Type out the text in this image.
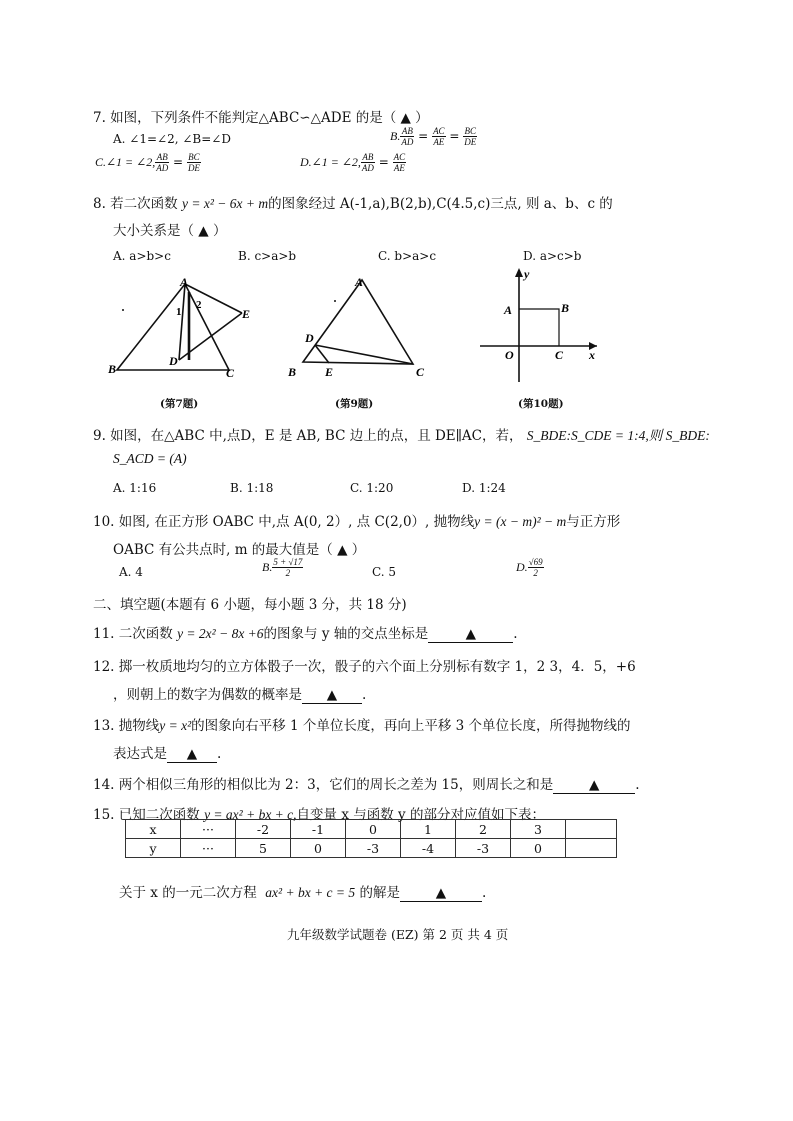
7. 如图，下列条件不能判定△ABC∽△ADE 的是（ ▲ ）
A. ∠1=∠2, ∠B=∠D	B. $\frac{AB}{AD} = \frac{AC}{AE} = \frac{BC}{DE}$
C.∠1 = ∠2, $\frac{AB}{AD} = \frac{BC}{DE}$	D.∠1 = ∠2, $\frac{AB}{AD} = \frac{AC}{AE}$
8. 若二次函数 y = x² − 6x + m的图象经过 A(-1,a),B(2,b),C(4.5,c)三点, 则 a、b、c 的
大小关系是（ ▲ ）
A. a>b>c	B. c>a>b	C. b>a>c	D. a>c>b
A
B	C
D
E
1
2
(第7题)
A
B	C
D
E
(第9题)
y
x
O
A	B
C
(第10题)
9. 如图，在△ABC 中,点D，E 是 AB, BC 边上的点，且 DE∥AC，若， S_BDE:S_CDE = 1:4,则 S_BDE:
S_ACD = (A)
A. 1:16	B. 1:18	C. 1:20	D. 1:24
10. 如图, 在正方形 OABC 中,点 A(0, 2）, 点 C(2,0）, 抛物线y = (x − m)² − m与正方形
OABC 有公共点时, m 的最大值是（ ▲ ）
A. 4	B. $\frac{5 + √17}{2}$	C. 5	D. $\frac{√69}{2}$
二、填空题(本题有 6 小题，每小题 3 分，共 18 分)
11. 二次函数 y = 2x² − 8x +6的图象与 y 轴的交点坐标是	▲	.
12. 掷一枚质地均匀的立方体骰子一次，骰子的六个面上分别标有数字 1，2 3，4．5，+6
，则朝上的数字为偶数的概率是 ▲ .
13. 抛物线y = x²的图象向右平移 1 个单位长度，再向上平移 3 个单位长度，所得抛物线的
表达式是 ▲ .
14. 两个相似三角形的相似比为 2：3，它们的周长之差为 15，则周长之和是	▲	.
15. 已知二次函数 y = ax² + bx + c,自变量 x 与函数 y 的部分对应值如下表：
x	···	-2	-1	0	1	2	3	
y	···	5	0	-3	-4	-3	0	
关于 x 的一元二次方程 ax² + bx + c = 5 的解是	▲	.
九年级数学试题卷 (EZ) 第 2 页 共 4 页
